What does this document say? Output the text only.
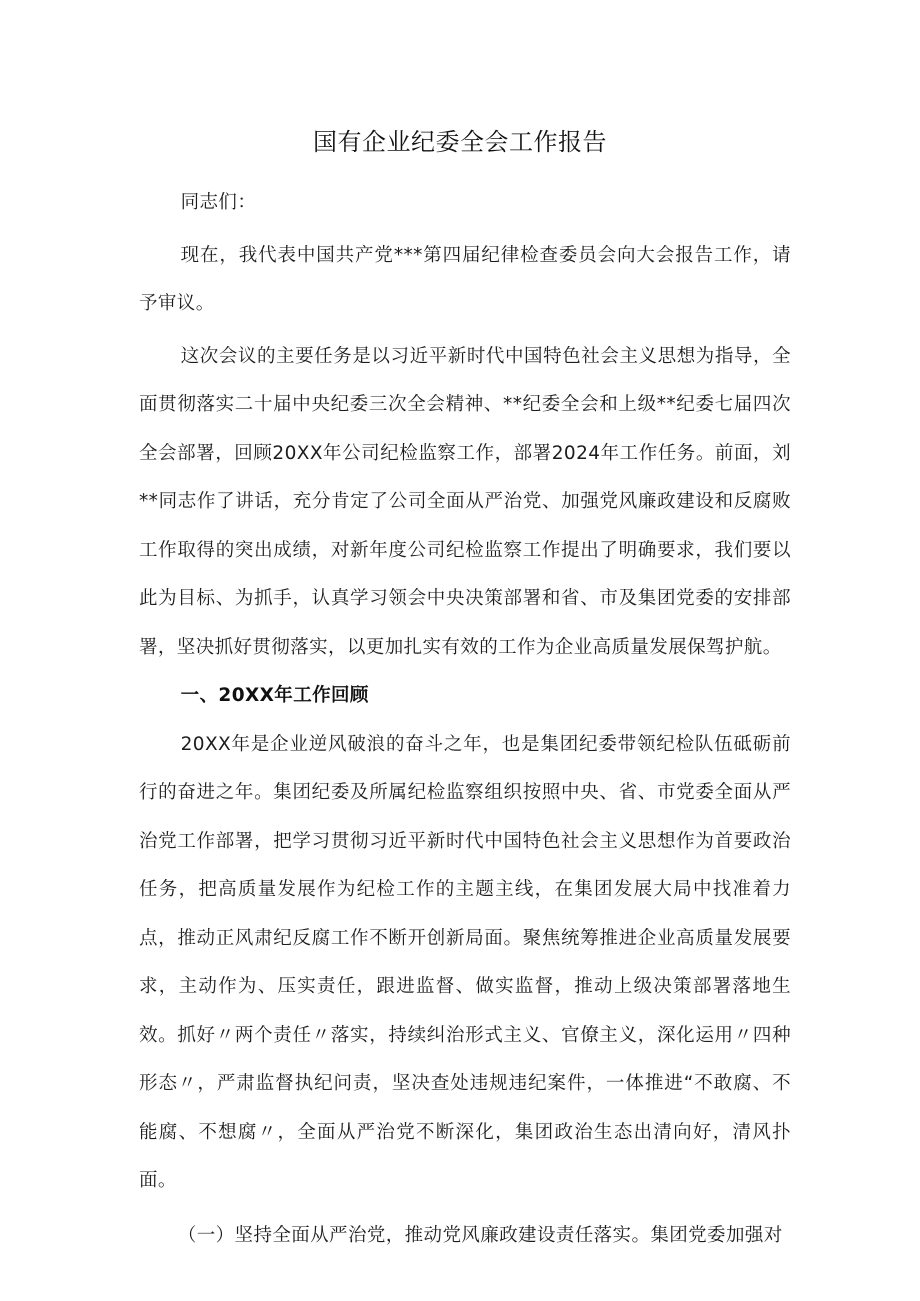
国有企业纪委全会工作报告

同志们：

现在，我代表中国共产党***第四届纪律检查委员会向大会报告工作，请予审议。

这次会议的主要任务是以习近平新时代中国特色社会主义思想为指导，全面贯彻落实二十届中央纪委三次全会精神、**纪委全会和上级**纪委七届四次全会部署，回顾20XX年公司纪检监察工作，部署2024年工作任务。前面，刘**同志作了讲话，充分肯定了公司全面从严治党、加强党风廉政建设和反腐败工作取得的突出成绩，对新年度公司纪检监察工作提出了明确要求，我们要以此为目标、为抓手，认真学习领会中央决策部署和省、市及集团党委的安排部署，坚决抓好贯彻落实，以更加扎实有效的工作为企业高质量发展保驾护航。

一、20XX年工作回顾

20XX年是企业逆风破浪的奋斗之年，也是集团纪委带领纪检队伍砥砺前行的奋进之年。集团纪委及所属纪检监察组织按照中央、省、市党委全面从严治党工作部署，把学习贯彻习近平新时代中国特色社会主义思想作为首要政治任务，把高质量发展作为纪检工作的主题主线，在集团发展大局中找准着力点，推动正风肃纪反腐工作不断开创新局面。聚焦统筹推进企业高质量发展要求，主动作为、压实责任，跟进监督、做实监督，推动上级决策部署落地生效。抓好〃两个责任〃落实，持续纠治形式主义、官僚主义，深化运用〃四种形态〃，严肃监督执纪问责，坚决查处违规违纪案件，一体推进“不敢腐、不能腐、不想腐〃，全面从严治党不断深化，集团政治生态出清向好，清风扑面。

（一）坚持全面从严治党，推动党风廉政建设责任落实。集团党委加强对
